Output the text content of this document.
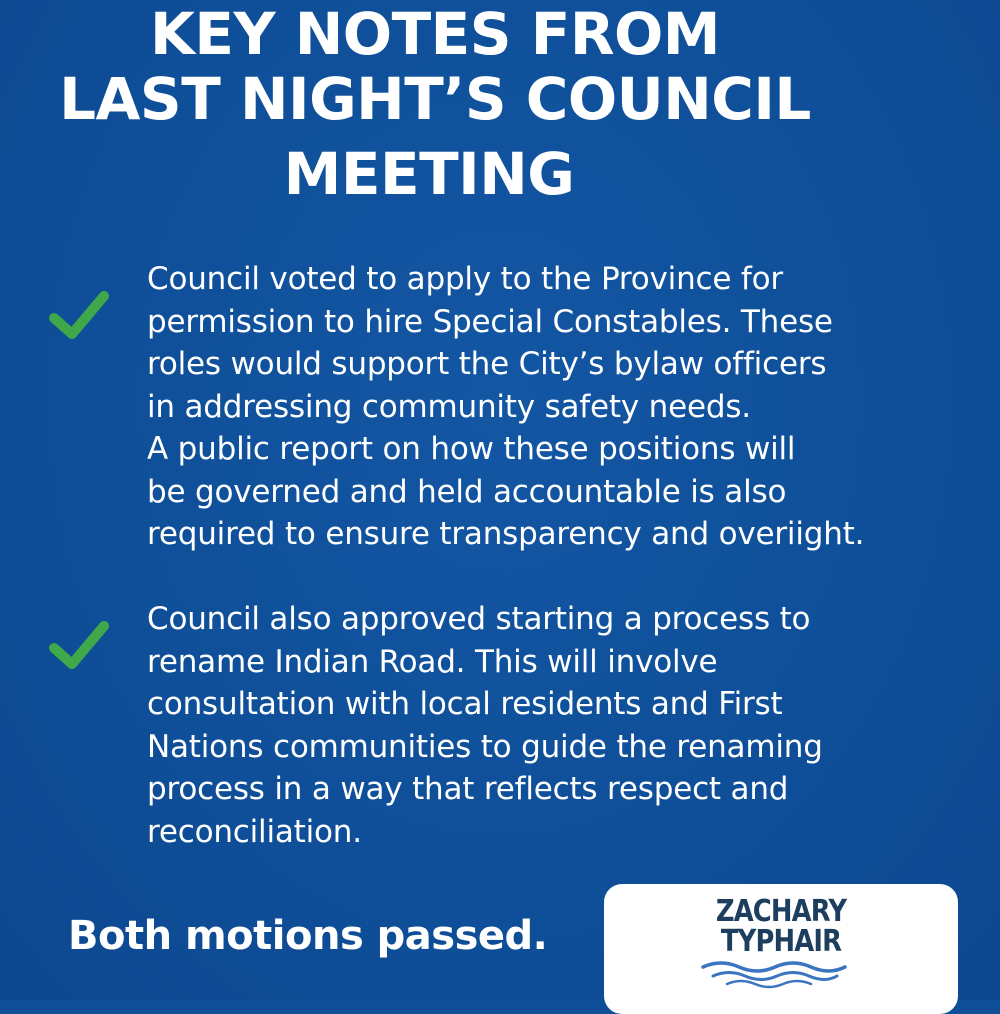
KEY NOTES FROM
LAST NIGHT’S COUNCIL
MEETING
Council voted to apply to the Province for
permission to hire Special Constables. These
roles would support the City’s bylaw officers
in addressing community safety needs.
A public report on how these positions will
be governed and held accountable is also
required to ensure transparency and overiight.
Council also approved starting a process to
rename Indian Road. This will involve
consultation with local residents and First
Nations communities to guide the renaming
process in a way that reflects respect and
reconciliation.
Both motions passed.
ZACHARY
TYPHAIR
